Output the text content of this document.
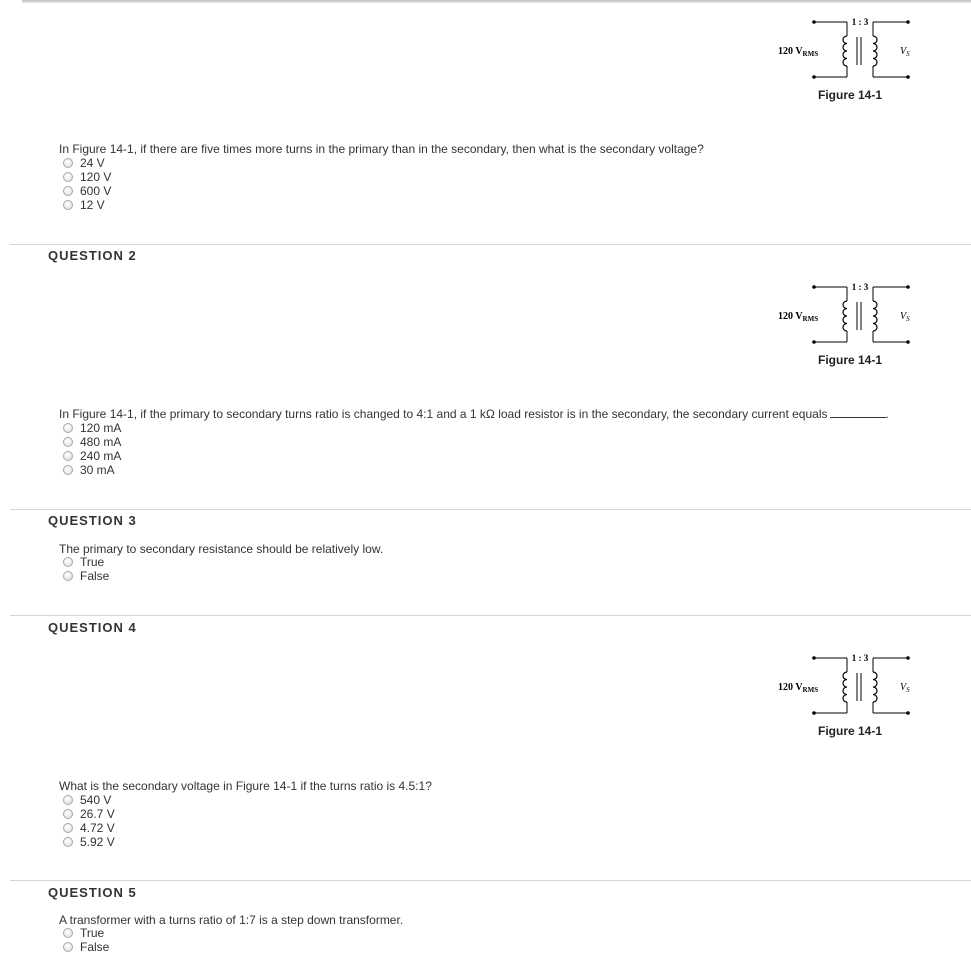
1 : 3
120 $V_{RMS}$	$V_S$
Figure 14-1
In Figure 14-1, if there are five times more turns in the primary than in the secondary, then what is the secondary voltage?
24 V
120 V
600 V
12 V
QUESTION 2
1 : 3
120 $V_{RMS}$	$V_S$
Figure 14-1
In Figure 14-1, if the primary to secondary turns ratio is changed to 4:1 and a 1 kΩ load resistor is in the secondary, the secondary current equals	.
120 mA
480 mA
240 mA
30 mA
QUESTION 3
The primary to secondary resistance should be relatively low.
True
False
QUESTION 4
1 : 3
120 $V_{RMS}$	$V_S$
Figure 14-1
What is the secondary voltage in Figure 14-1 if the turns ratio is 4.5:1?
540 V
26.7 V
4.72 V
5.92 V
QUESTION 5
A transformer with a turns ratio of 1:7 is a step down transformer.
True
False
